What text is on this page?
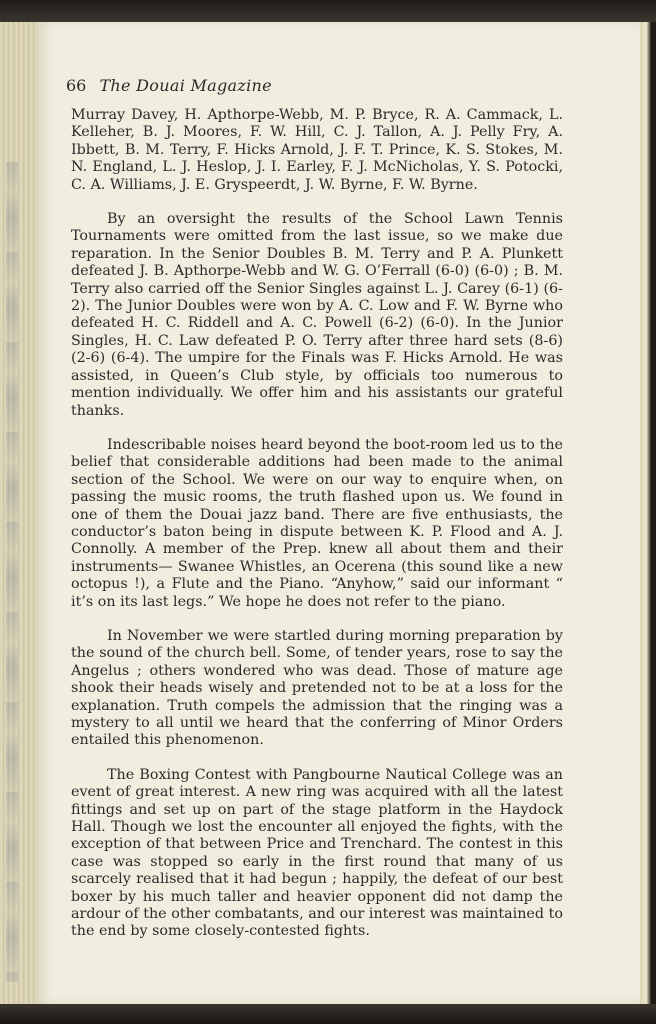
66 The Douai Magazine

Murray Davey, H. Apthorpe-Webb, M. P. Bryce, R. A. Cammack, L. Kelleher, B. J. Moores, F. W. Hill, C. J. Tallon, A. J. Pelly Fry, A. Ibbett, B. M. Terry, F. Hicks Arnold, J. F. T. Prince, K. S. Stokes, M. N. England, L. J. Heslop, J. I. Earley, F. J. McNicholas, Y. S. Potocki, C. A. Williams, J. E. Gryspeerdt, J. W. Byrne, F. W. Byrne.

By an oversight the results of the School Lawn Tennis Tournaments were omitted from the last issue, so we make due reparation. In the Senior Doubles B. M. Terry and P. A. Plunkett defeated J. B. Apthorpe-Webb and W. G. O’Ferrall (6-0) (6-0) ; B. M. Terry also carried off the Senior Singles against L. J. Carey (6-1) (6-2). The Junior Doubles were won by A. C. Low and F. W. Byrne who defeated H. C. Riddell and A. C. Powell (6-2) (6-0). In the Junior Singles, H. C. Law defeated P. O. Terry after three hard sets (8-6) (2-6) (6-4). The umpire for the Finals was F. Hicks Arnold. He was assisted, in Queen’s Club style, by officials too numerous to mention individually. We offer him and his assistants our grateful thanks.

Indescribable noises heard beyond the boot-room led us to the belief that considerable additions had been made to the animal section of the School. We were on our way to enquire when, on passing the music rooms, the truth flashed upon us. We found in one of them the Douai jazz band. There are five enthusiasts, the conductor’s baton being in dispute between K. P. Flood and A. J. Connolly. A member of the Prep. knew all about them and their instruments— Swanee Whistles, an Ocerena (this sound like a new octopus !), a Flute and the Piano. “Anyhow,” said our informant “ it’s on its last legs.” We hope he does not refer to the piano.

In November we were startled during morning preparation by the sound of the church bell. Some, of tender years, rose to say the Angelus ; others wondered who was dead. Those of mature age shook their heads wisely and pretended not to be at a loss for the explanation. Truth compels the admission that the ringing was a mystery to all until we heard that the conferring of Minor Orders entailed this phenomenon.

The Boxing Contest with Pangbourne Nautical College was an event of great interest. A new ring was acquired with all the latest fittings and set up on part of the stage platform in the Haydock Hall. Though we lost the encounter all enjoyed the fights, with the exception of that between Price and Trenchard. The contest in this case was stopped so early in the first round that many of us scarcely realised that it had begun ; happily, the defeat of our best boxer by his much taller and heavier opponent did not damp the ardour of the other combatants, and our interest was maintained to the end by some closely-contested fights.
